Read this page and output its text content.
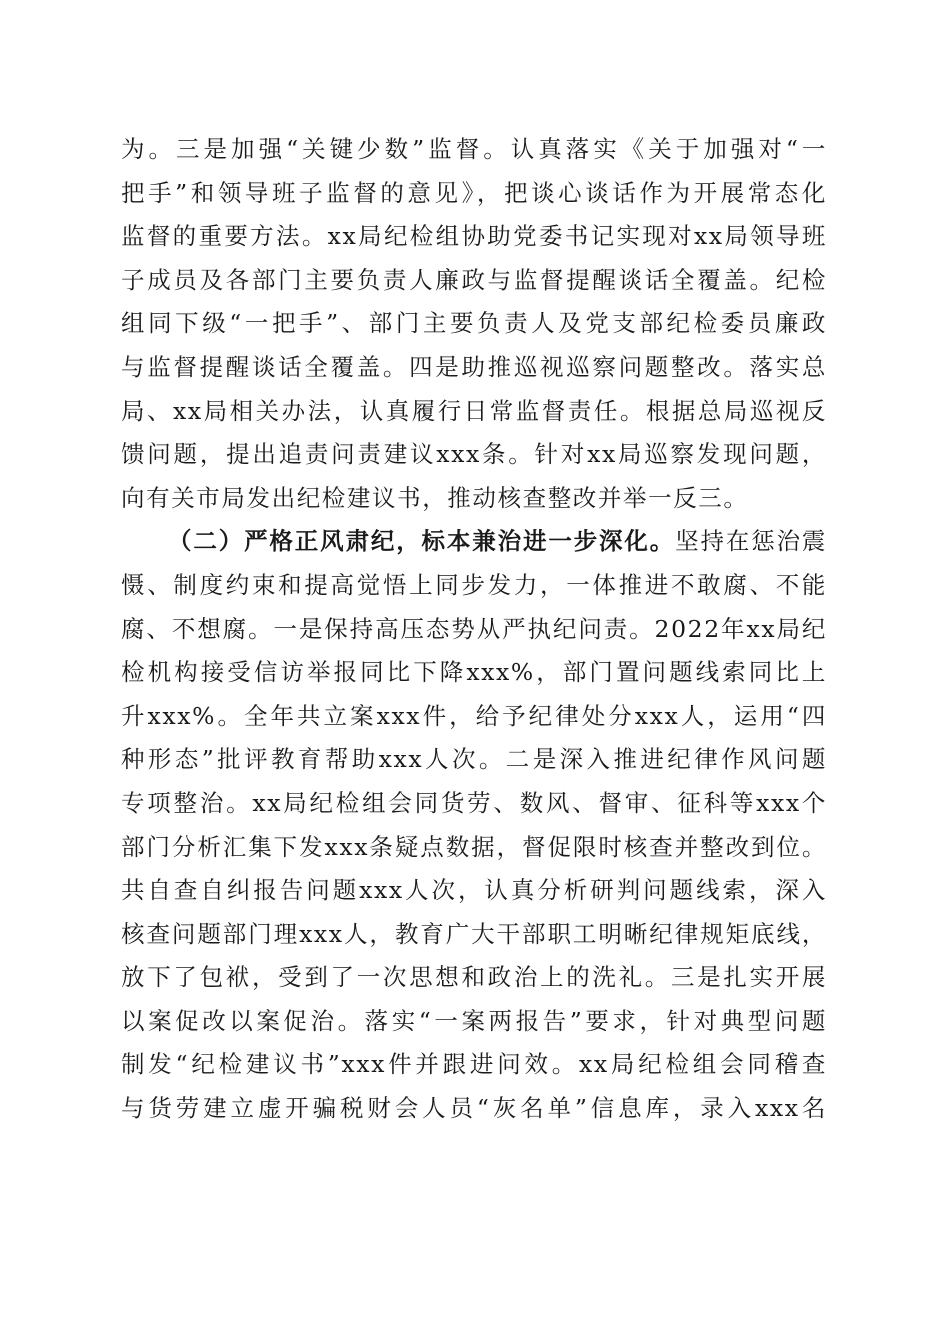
为。三是加强“关键少数”监督。认真落实《关于加强对“一
把手”和领导班子监督的意见》，把谈心谈话作为开展常态化
监督的重要方法。xx局纪检组协助党委书记实现对xx局领导班
子成员及各部门主要负责人廉政与监督提醒谈话全覆盖。纪检
组同下级“一把手”、部门主要负责人及党支部纪检委员廉政
与监督提醒谈话全覆盖。四是助推巡视巡察问题整改。落实总
局、xx局相关办法，认真履行日常监督责任。根据总局巡视反
馈问题，提出追责问责建议xxx条。针对xx局巡察发现问题，
向有关市局发出纪检建议书，推动核查整改并举一反三。
（二）严格正风肃纪，标本兼治进一步深化。坚持在惩治震
慑、制度约束和提高觉悟上同步发力，一体推进不敢腐、不能
腐、不想腐。一是保持高压态势从严执纪问责。2022年xx局纪
检机构接受信访举报同比下降xxx%，部门置问题线索同比上
升xxx%。全年共立案xxx件，给予纪律处分xxx人，运用“四
种形态”批评教育帮助xxx人次。二是深入推进纪律作风问题
专项整治。xx局纪检组会同货劳、数风、督审、征科等xxx个
部门分析汇集下发xxx条疑点数据，督促限时核查并整改到位。
共自查自纠报告问题xxx人次，认真分析研判问题线索，深入
核查问题部门理xxx人，教育广大干部职工明晰纪律规矩底线，
放下了包袱，受到了一次思想和政治上的洗礼。三是扎实开展
以案促改以案促治。落实“一案两报告”要求，针对典型问题
制发“纪检建议书”xxx件并跟进问效。xx局纪检组会同稽查
与货劳建立虚开骗税财会人员“灰名单”信息库，录入xxx名
